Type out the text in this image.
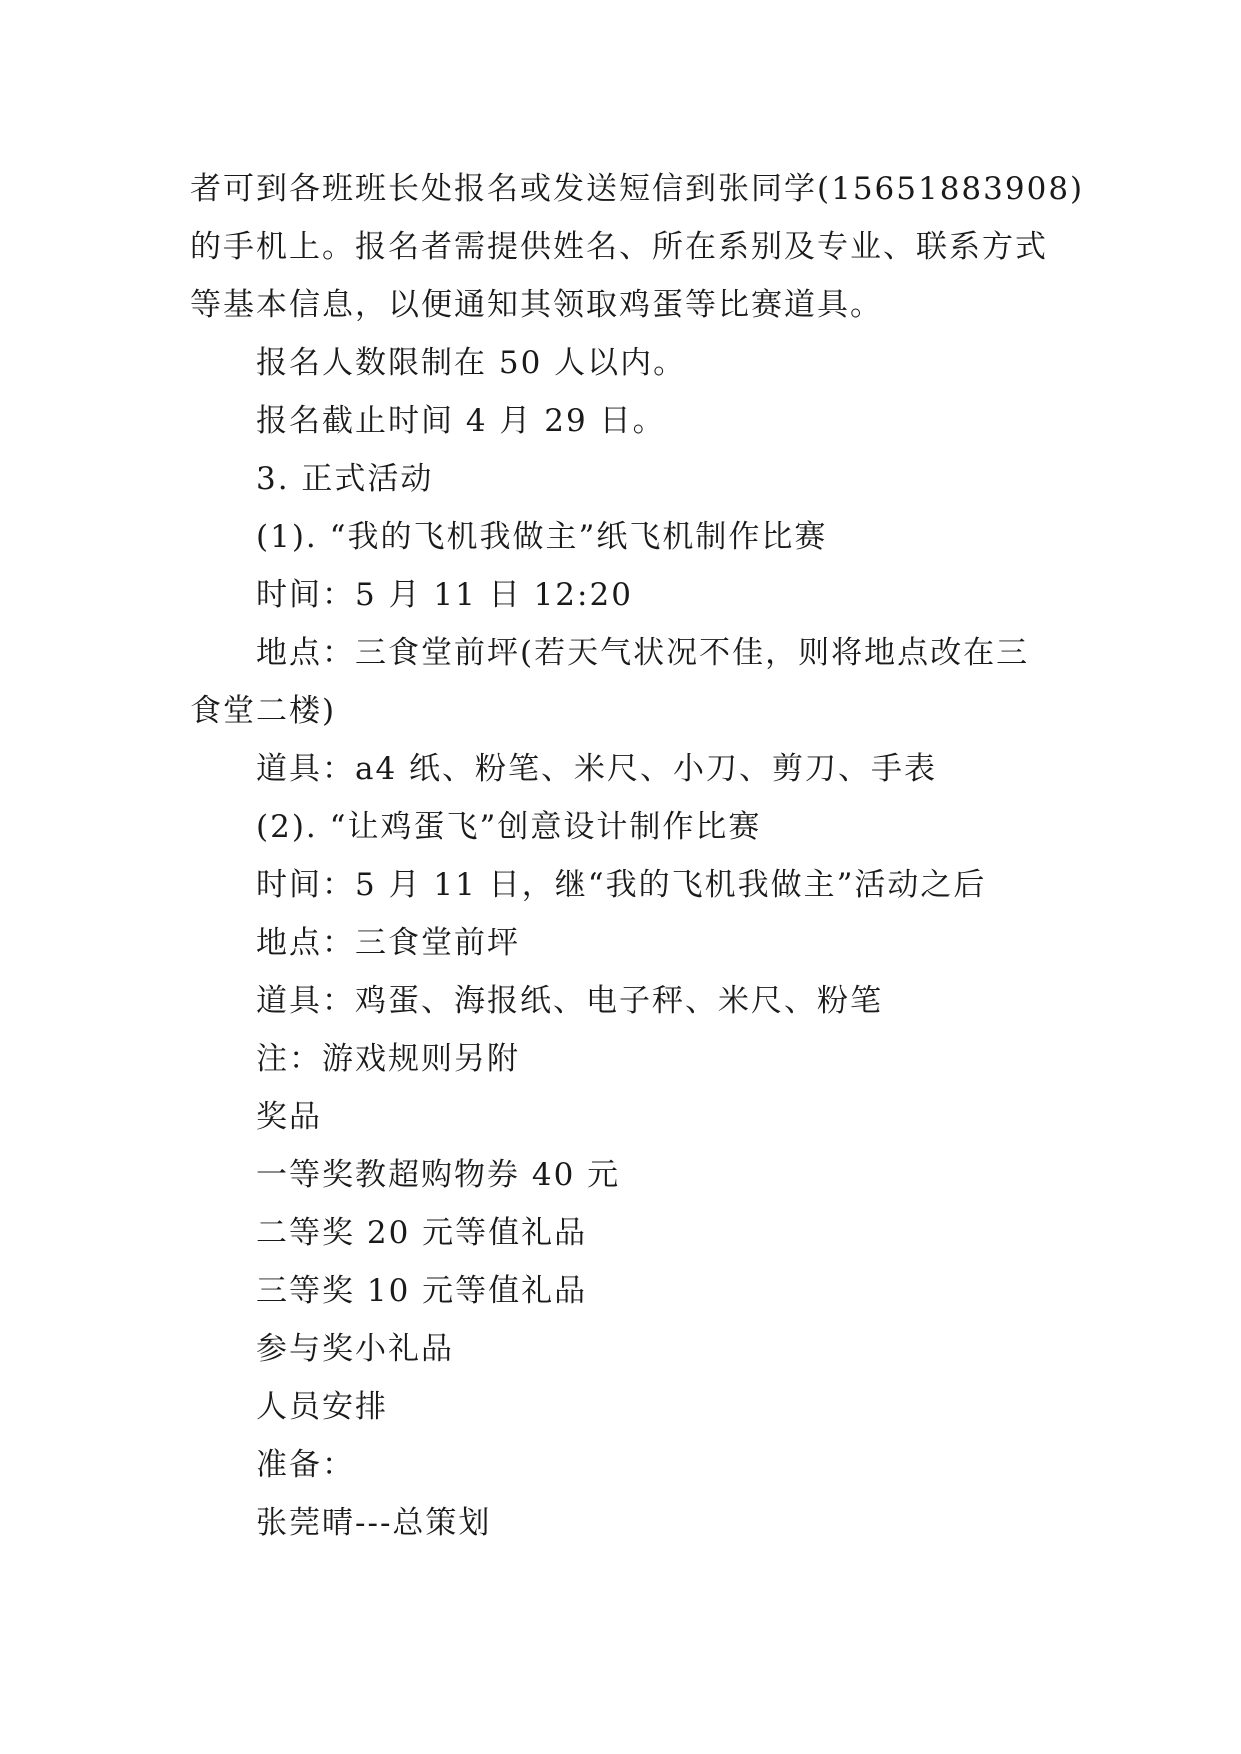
者可到各班班长处报名或发送短信到张同学(15651883908)
的手机上。报名者需提供姓名、所在系别及专业、联系方式
等基本信息，以便通知其领取鸡蛋等比赛道具。
报名人数限制在 50 人以内。
报名截止时间 4 月 29 日。
3. 正式活动
(1). “我的飞机我做主”纸飞机制作比赛
时间：5 月 11 日 12:20
地点：三食堂前坪(若天气状况不佳，则将地点改在三
食堂二楼)
道具：a4 纸、粉笔、米尺、小刀、剪刀、手表
(2). “让鸡蛋飞”创意设计制作比赛
时间：5 月 11 日，继“我的飞机我做主”活动之后
地点：三食堂前坪
道具：鸡蛋、海报纸、电子秤、米尺、粉笔
注：游戏规则另附
奖品
一等奖教超购物券 40 元
二等奖 20 元等值礼品
三等奖 10 元等值礼品
参与奖小礼品
人员安排
准备：
张莞晴---总策划
